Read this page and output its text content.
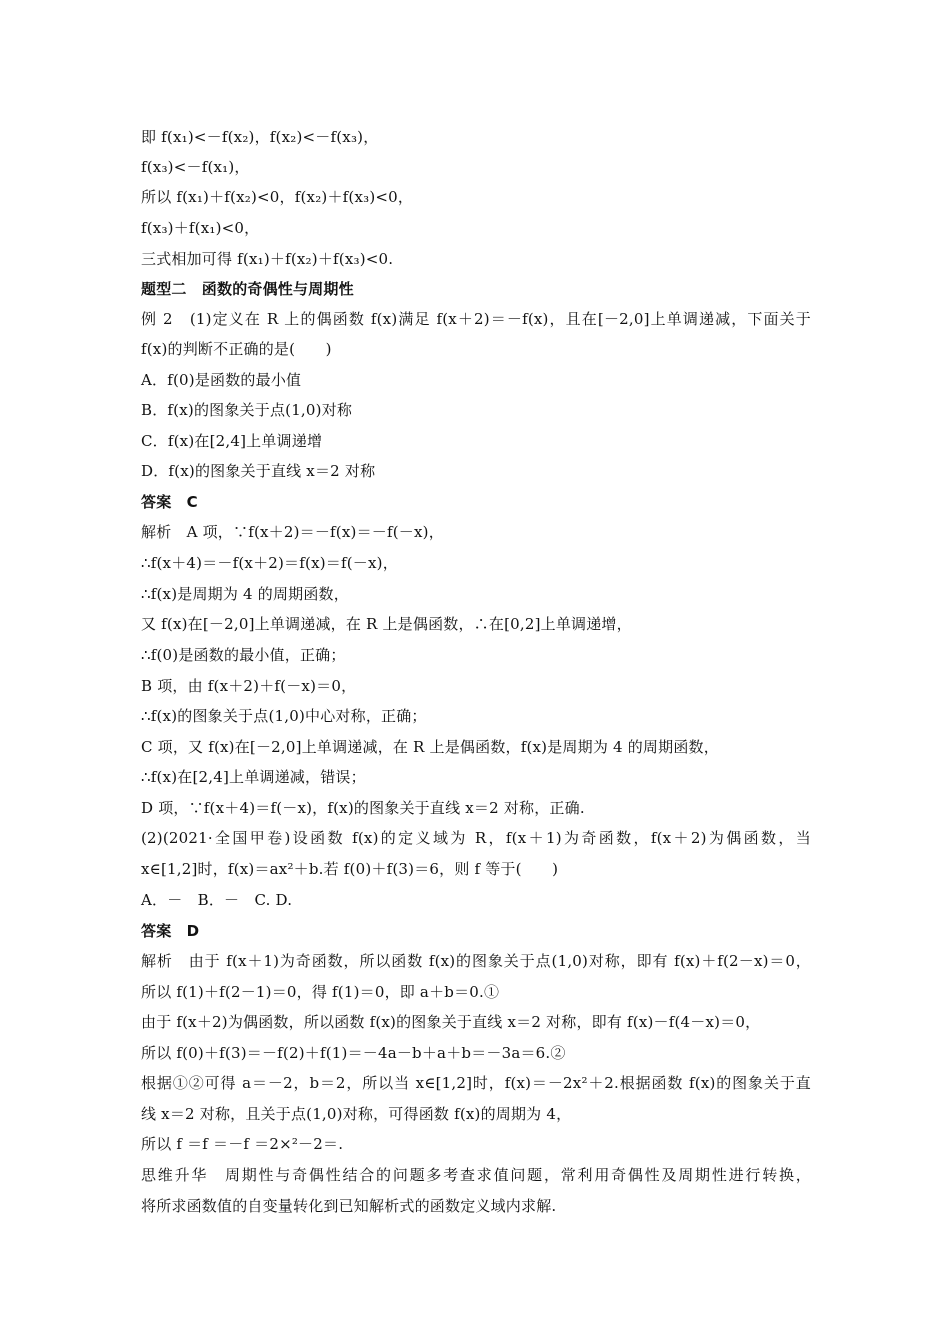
即 f(x₁)<－f(x₂)，f(x₂)<－f(x₃)，
f(x₃)<－f(x₁)，
所以 f(x₁)＋f(x₂)<0，f(x₂)＋f(x₃)<0，
f(x₃)＋f(x₁)<0，
三式相加可得 f(x₁)＋f(x₂)＋f(x₃)<0.
题型二　函数的奇偶性与周期性
例 2　(1)定义在 R 上的偶函数 f(x)满足 f(x＋2)＝－f(x)，且在[－2,0]上单调递减，下面关于
f(x)的判断不正确的是(　　)
A．f(0)是函数的最小值
B．f(x)的图象关于点(1,0)对称
C．f(x)在[2,4]上单调递增
D．f(x)的图象关于直线 x＝2 对称
答案　C
解析　A 项，∵f(x＋2)＝－f(x)＝－f(－x)，
∴f(x＋4)＝－f(x＋2)＝f(x)＝f(－x)，
∴f(x)是周期为 4 的周期函数，
又 f(x)在[－2,0]上单调递减，在 R 上是偶函数，∴在[0,2]上单调递增，
∴f(0)是函数的最小值，正确；
B 项，由 f(x＋2)＋f(－x)＝0，
∴f(x)的图象关于点(1,0)中心对称，正确；
C 项，又 f(x)在[－2,0]上单调递减，在 R 上是偶函数，f(x)是周期为 4 的周期函数，
∴f(x)在[2,4]上单调递减，错误；
D 项，∵f(x＋4)＝f(－x)，f(x)的图象关于直线 x＝2 对称，正确.
(2)(2021·全国甲卷)设函数 f(x)的定义域为 R，f(x＋1)为奇函数，f(x＋2)为偶函数，当
x∈[1,2]时，f(x)＝ax²＋b.若 f(0)＋f(3)＝6，则 f 等于(　　)
A．－　B．－　C. D.
答案　D
解析　由于 f(x＋1)为奇函数，所以函数 f(x)的图象关于点(1,0)对称，即有 f(x)＋f(2－x)＝0，
所以 f(1)＋f(2－1)＝0，得 f(1)＝0，即 a＋b＝0.①
由于 f(x＋2)为偶函数，所以函数 f(x)的图象关于直线 x＝2 对称，即有 f(x)－f(4－x)＝0，
所以 f(0)＋f(3)＝－f(2)＋f(1)＝－4a－b＋a＋b＝－3a＝6.②
根据①②可得 a＝－2，b＝2，所以当 x∈[1,2]时，f(x)＝－2x²＋2.根据函数 f(x)的图象关于直
线 x＝2 对称，且关于点(1,0)对称，可得函数 f(x)的周期为 4，
所以 f ＝f ＝－f ＝2×²－2＝.
思维升华　周期性与奇偶性结合的问题多考查求值问题，常利用奇偶性及周期性进行转换，
将所求函数值的自变量转化到已知解析式的函数定义域内求解.
